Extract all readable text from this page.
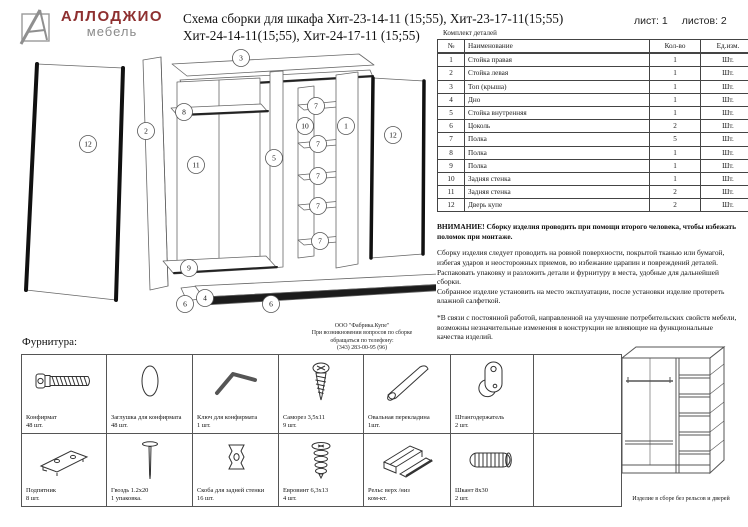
АЛЛОДЖИО
мебель
Схема сборки для шкафа Хит-23-14-11 (15;55), Хит-23-17-11(15;55)
Хит-24-14-11(15;55), Хит-24-17-11 (15;55)
лист: 1 листов: 2
3
8
2
11
5
10
7
7
7
7
7
1
12
12
9
6
4
6
ООО "Фабрика.Купе"
При возникновении вопросов по сборке
обращаться по телефону:
(343) 283-00-95 (96)
Комплект деталей
№	Наименование	Кол-во	Ед.изм.
1	Стойка правая	1	Шт.
2	Стойка левая	1	Шт.
3	Топ (крыша)	1	Шт.
4	Дно	1	Шт.
5	Стойка внутренняя	1	Шт.
6	Цоколь	2	Шт.
7	Полка	5	Шт.
8	Полка	1	Шт.
9	Полка	1	Шт.
10	Задняя стенка	1	Шт.
11	Задняя стенка	2	Шт.
12	Дверь купе	2	Шт.

ВНИМАНИЕ! Сборку изделия проводить при помощи второго человека, чтобы избежать поломок при монтаже.

Сборку изделия следует проводить на ровной поверхности, покрытой тканью или бумагой, избегая ударов и неосторожных приемов, во избежание царапин и повреждений деталей.
Распаковать упаковку и разложить детали и фурнитуру в места, удобные для дальнейшей сборки.
Собранное изделие установить на место эксплуатации, после установки изделие протереть влажной салфеткой.

*В связи с постоянной работой, направленной на улучшение потребительских свойств мебели, возможны незначительные изменения в конструкции не влияющие на функциональные качества изделий.

Фурнитура:
Конфирмат
48 шт.	Заглушка для конфирмата
48 шт.	Ключ для конфирмата
1 шт.	Саморез 3,5х11
9 шт.	Овальная перекладина
1шт.	Штангодержатель
2 шт.	

Подпятник
8 шт.	Гвоздь 1.2х20
1 упаковка.	Скоба для задней стенки
16 шт.	Евровинт 6,3х13
4 шт.	Рельс верх /низ
ком-кт.	Шкант 8х30
2 шт.	
		Изделие в сборе без рельсов и дверей
